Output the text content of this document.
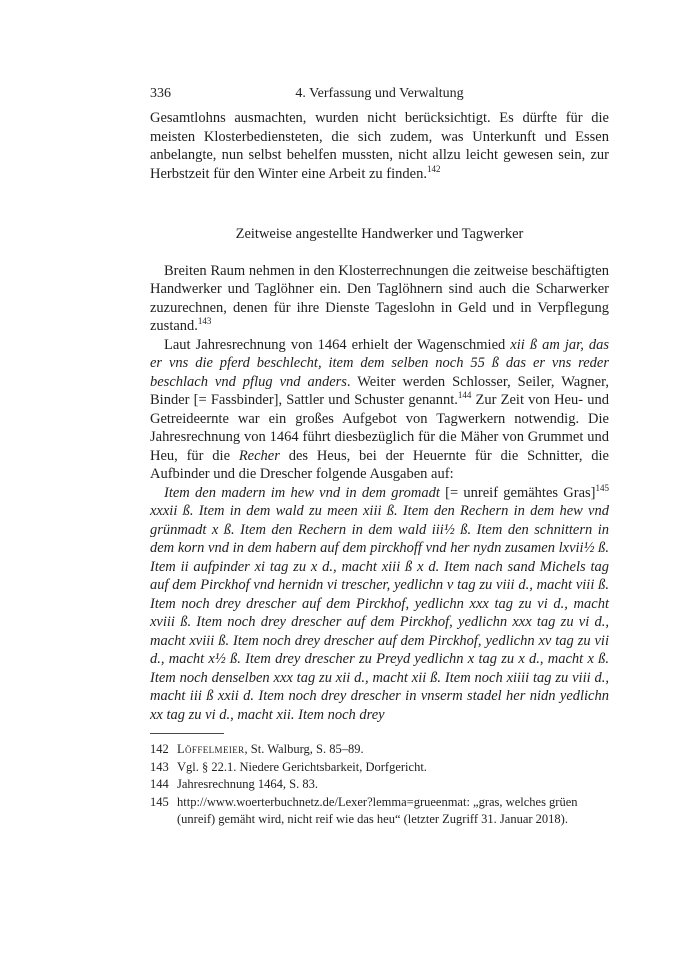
336	4. Verfassung und Verwaltung

Gesamtlohns ausmachten, wurden nicht berücksichtigt. Es dürfte für die meisten Klosterbediensteten, die sich zudem, was Unterkunft und Essen anbelangte, nun selbst behelfen mussten, nicht allzu leicht gewesen sein, zur Herbstzeit für den Winter eine Arbeit zu finden.$^{142}$

Zeitweise angestellte Handwerker und Tagwerker

Breiten Raum nehmen in den Klosterrechnungen die zeitweise beschäftigten Handwerker und Taglöhner ein. Den Taglöhnern sind auch die Scharwerker zuzurechnen, denen für ihre Dienste Tageslohn in Geld und in Verpflegung zustand.$^{143}$

Laut Jahresrechnung von 1464 erhielt der Wagenschmied xii ß am jar, das er vns die pferd beschlecht, item dem selben noch 55 ß das er vns reder beschlach vnd pflug vnd anders. Weiter werden Schlosser, Seiler, Wagner, Binder [= Fassbinder], Sattler und Schuster genannt.$^{144}$ Zur Zeit von Heu- und Getreideernte war ein großes Aufgebot von Tagwerkern notwendig. Die Jahresrechnung von 1464 führt diesbezüglich für die Mäher von Grummet und Heu, für die Recher des Heus, bei der Heuernte für die Schnitter, die Aufbinder und die Drescher folgende Ausgaben auf:

Item den madern im hew vnd in dem gromadt [= unreif gemähtes Gras]$^{145}$ xxxii ß. Item in dem wald zu meen xiii ß. Item den Rechern in dem hew vnd grünmadt x ß. Item den Rechern in dem wald iii½ ß. Item den schnittern in dem korn vnd in dem habern auf dem pirckhoff vnd her nydn zusamen lxvii½ ß. Item ii aufpinder xi tag zu x d., macht xiii ß x d. Item nach sand Michels tag auf dem Pirckhof vnd hernidn vi trescher, yedlichn v tag zu viii d., macht viii ß. Item noch drey drescher auf dem Pirckhof, yedlichn xxx tag zu vi d., macht xviii ß. Item noch drey drescher auf dem Pirckhof, yedlichn xxx tag zu vi d., macht xviii ß. Item noch drey drescher auf dem Pirckhof, yedlichn xv tag zu vii d., macht x½ ß. Item drey drescher zu Preyd yedlichn x tag zu x d., macht x ß. Item noch denselben xxx tag zu xii d., macht xii ß. Item noch xiiii tag zu viii d., macht iii ß xxii d. Item noch drey drescher in vnserm stadel her nidn yedlichn xx tag zu vi d., macht xii. Item noch drey

142 Löffelmeier, St. Walburg, S. 85–89.
143 Vgl. § 22.1. Niedere Gerichtsbarkeit, Dorfgericht.
144 Jahresrechnung 1464, S. 83.
145 http://www.woerterbuchnetz.de/Lexer?lemma=grueenmat: „gras, welches grüen (unreif) gemäht wird, nicht reif wie das heu“ (letzter Zugriff 31. Januar 2018).
